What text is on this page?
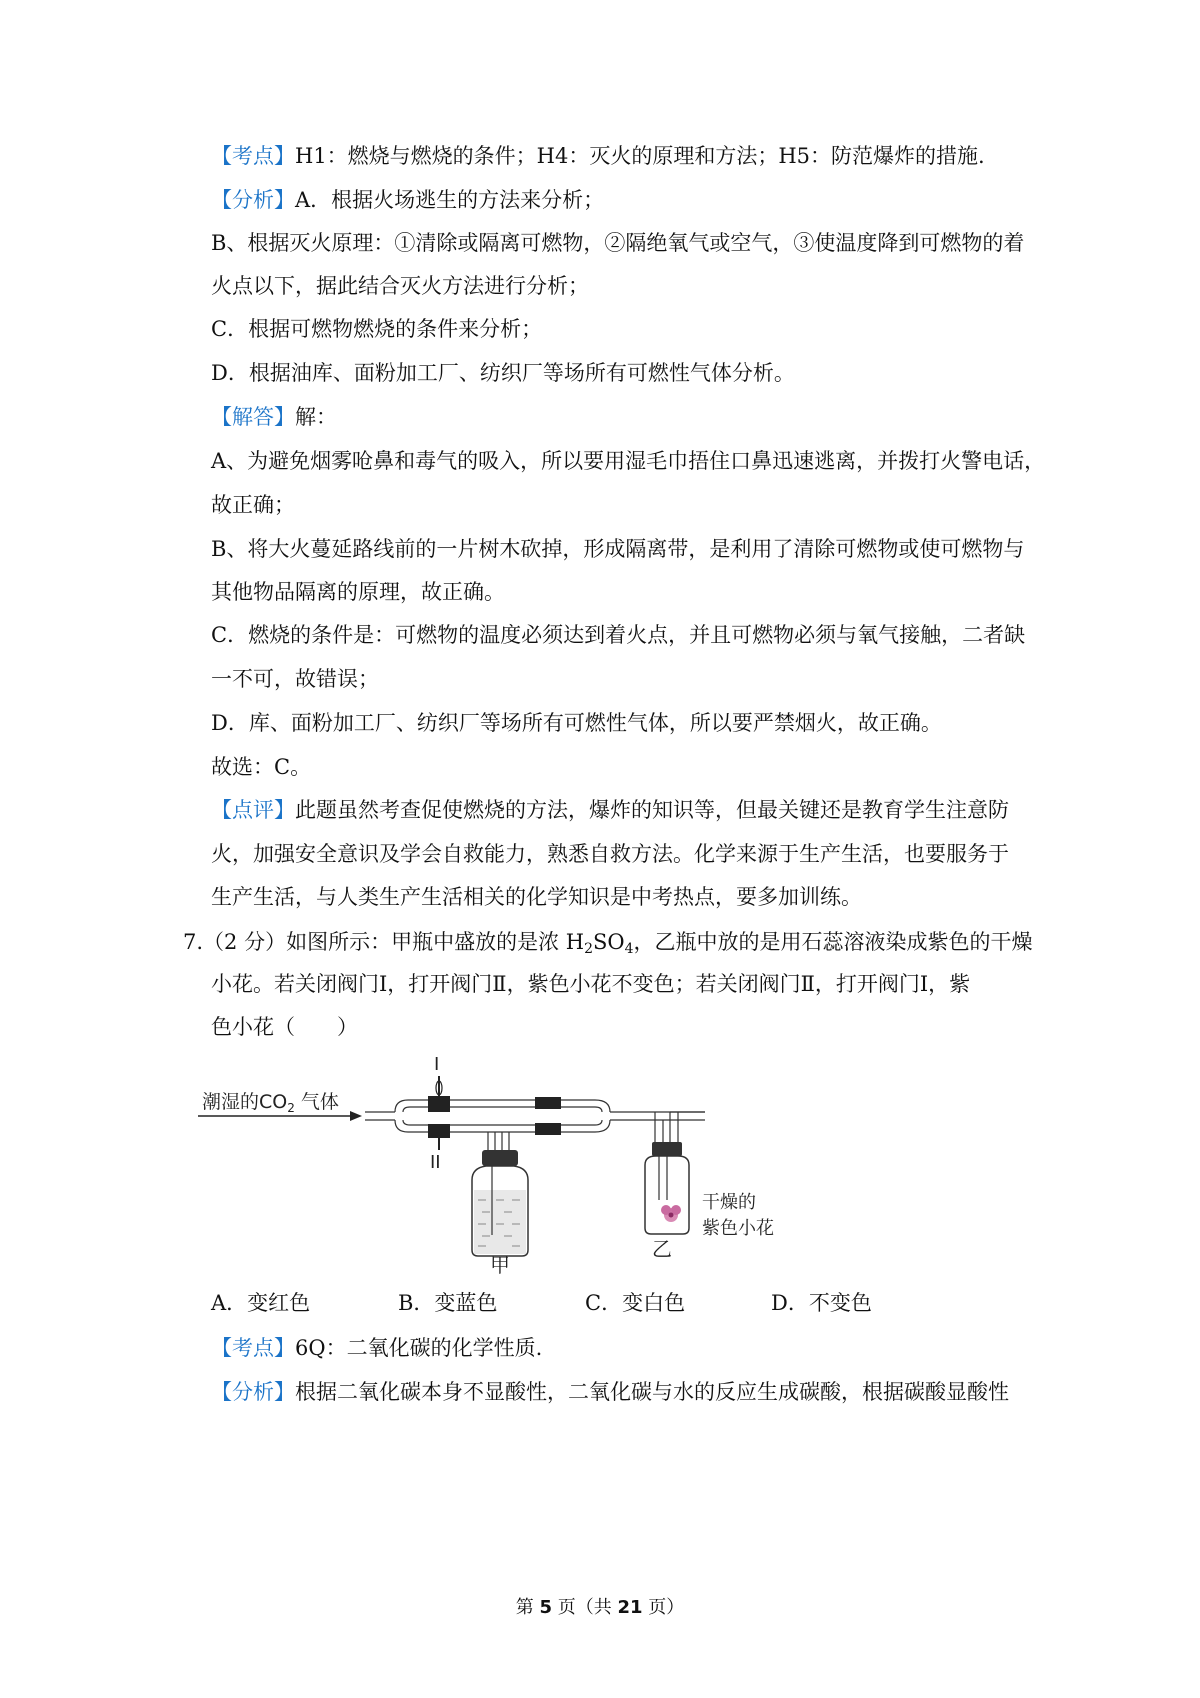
【考点】H1：燃烧与燃烧的条件；H4：灭火的原理和方法；H5：防范爆炸的措施.
【分析】A．根据火场逃生的方法来分析；
B、根据灭火原理：①清除或隔离可燃物，②隔绝氧气或空气，③使温度降到可燃物的着
火点以下，据此结合灭火方法进行分析；
C．根据可燃物燃烧的条件来分析；
D．根据油库、面粉加工厂、纺织厂等场所有可燃性气体分析。
【解答】解：
A、为避免烟雾呛鼻和毒气的吸入，所以要用湿毛巾捂住口鼻迅速逃离，并拨打火警电话，
故正确；
B、将大火蔓延路线前的一片树木砍掉，形成隔离带，是利用了清除可燃物或使可燃物与
其他物品隔离的原理，故正确。
C．燃烧的条件是：可燃物的温度必须达到着火点，并且可燃物必须与氧气接触，二者缺
一不可，故错误；
D．库、面粉加工厂、纺织厂等场所有可燃性气体，所以要严禁烟火，故正确。
故选：C。
【点评】此题虽然考查促使燃烧的方法，爆炸的知识等，但最关键还是教育学生注意防
火，加强安全意识及学会自救能力，熟悉自救方法。化学来源于生产生活，也要服务于
生产生活，与人类生产生活相关的化学知识是中考热点，要多加训练。
7.（2 分）如图所示：甲瓶中盛放的是浓 $H_2SO_4$，乙瓶中放的是用石蕊溶液染成紫色的干燥
小花。若关闭阀门Ⅰ，打开阀门Ⅱ，紫色小花不变色；若关闭阀门Ⅱ，打开阀门Ⅰ，紫
色小花（　　）
潮湿的$CO_2$ 气体
I
II
甲
乙
干燥的
紫色小花
A．变红色	B．变蓝色	C．变白色	D．不变色
【考点】6Q：二氧化碳的化学性质.
【分析】根据二氧化碳本身不显酸性，二氧化碳与水的反应生成碳酸，根据碳酸显酸性
第 5 页（共 21 页）
